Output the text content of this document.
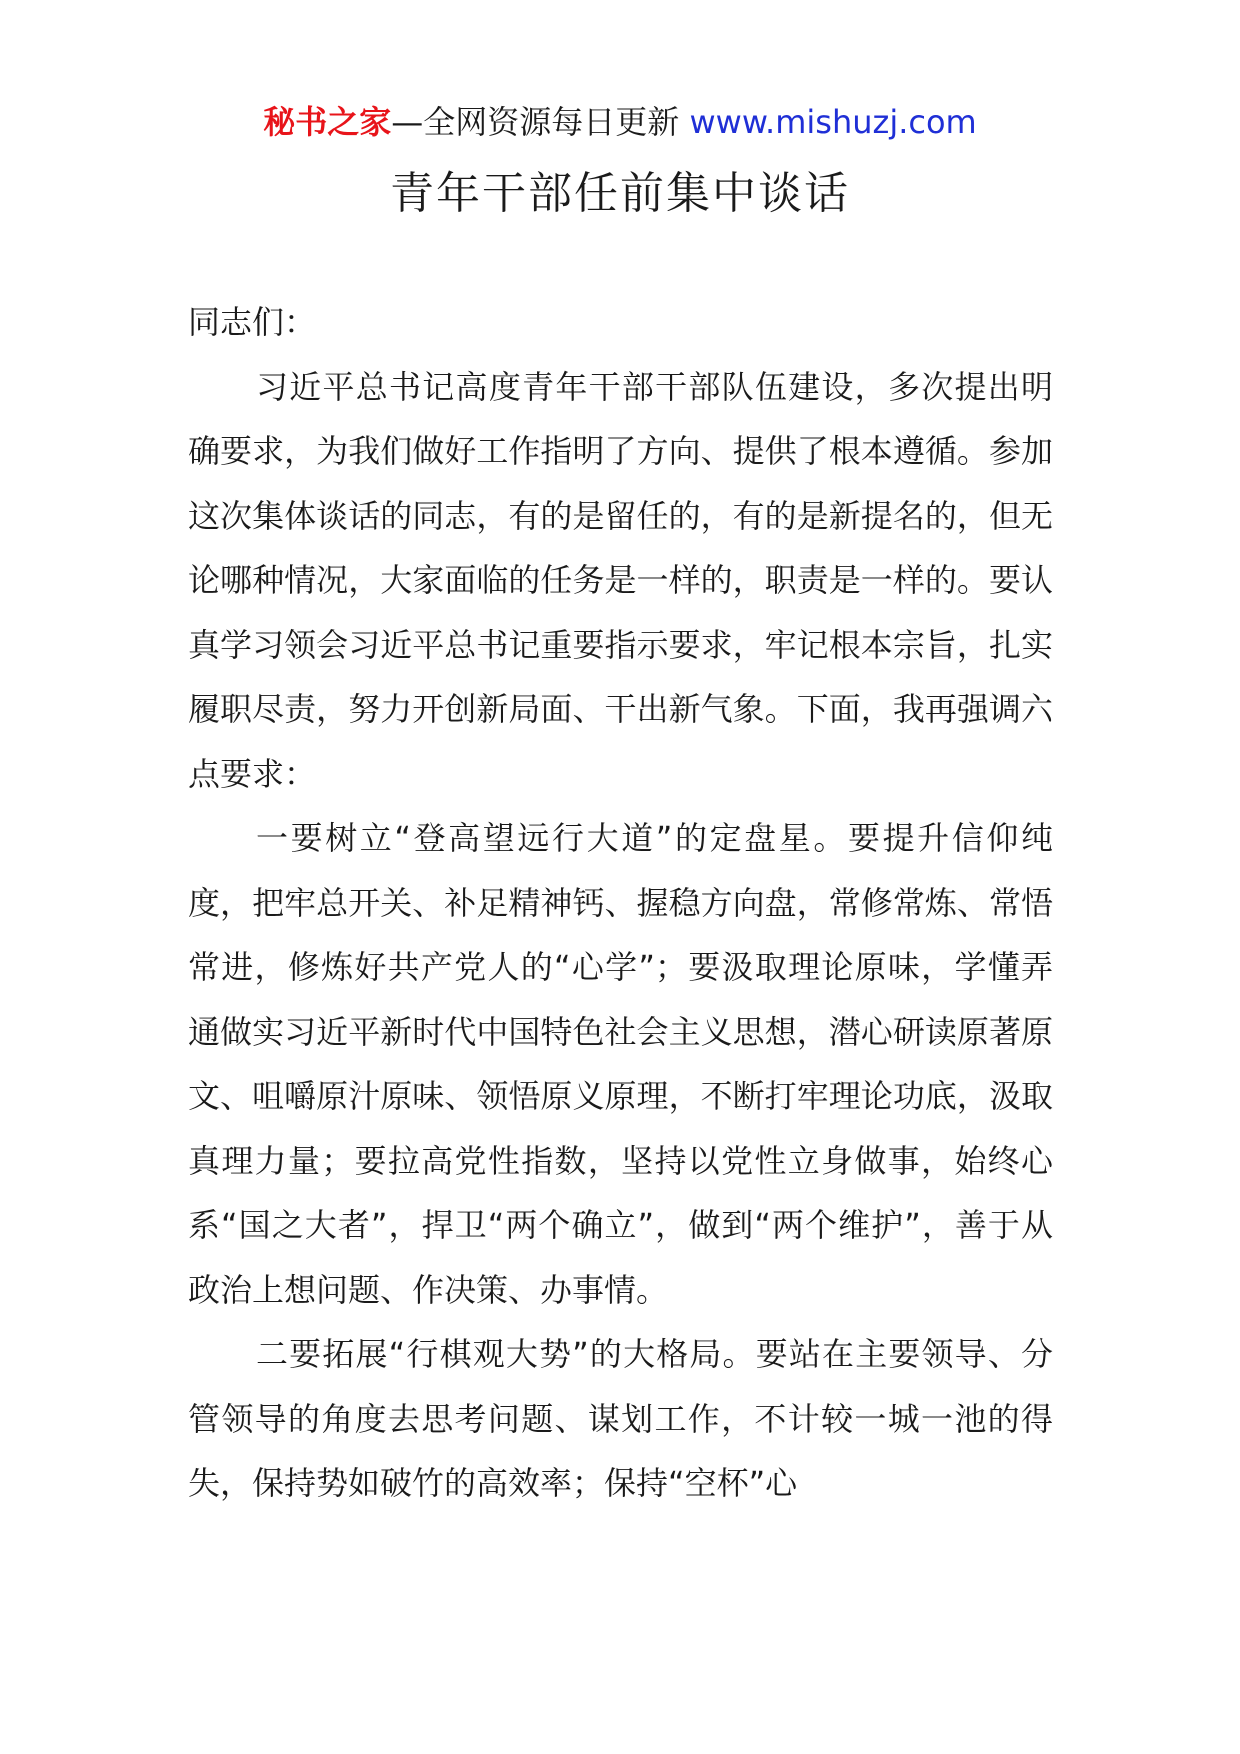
秘书之家—全网资源每日更新 www.mishuzj.com
青年干部任前集中谈话

同志们：

习近平总书记高度青年干部干部队伍建设，多次提出明确要求，为我们做好工作指明了方向、提供了根本遵循。参加这次集体谈话的同志，有的是留任的，有的是新提名的，但无论哪种情况，大家面临的任务是一样的，职责是一样的。要认真学习领会习近平总书记重要指示要求，牢记根本宗旨，扎实履职尽责，努力开创新局面、干出新气象。下面，我再强调六点要求：

一要树立“登高望远行大道”的定盘星。要提升信仰纯度，把牢总开关、补足精神钙、握稳方向盘，常修常炼、常悟常进，修炼好共产党人的“心学”；要汲取理论原味，学懂弄通做实习近平新时代中国特色社会主义思想，潜心研读原著原文、咀嚼原汁原味、领悟原义原理，不断打牢理论功底，汲取真理力量；要拉高党性指数，坚持以党性立身做事，始终心系“国之大者”，捍卫“两个确立”，做到“两个维护”，善于从政治上想问题、作决策、办事情。

二要拓展“行棋观大势”的大格局。要站在主要领导、分管领导的角度去思考问题、谋划工作，不计较一城一池的得失，保持势如破竹的高效率；保持“空杯”心
